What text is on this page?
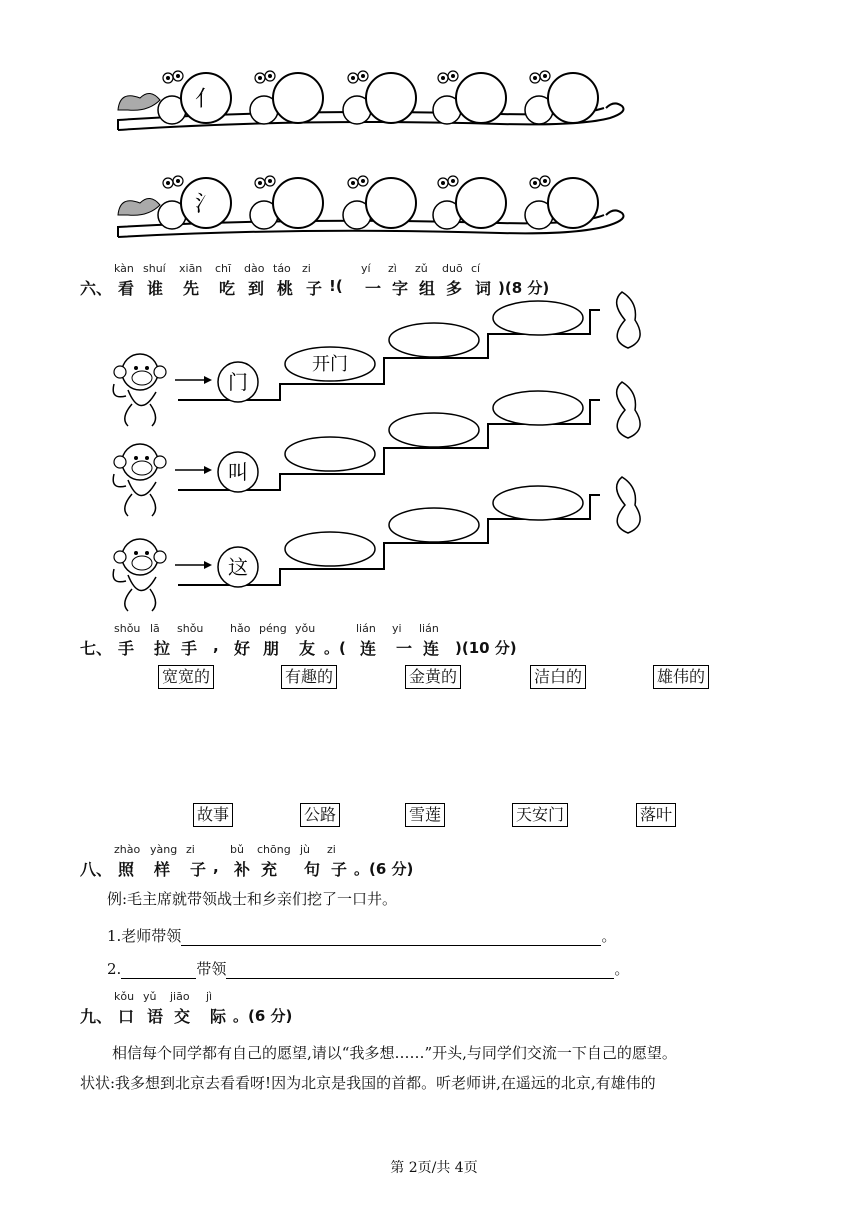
亻
氵
六、
kàn
看
shuí
谁
xiān
先
chī
吃
dào
到
táo
桃
zi
子 !(
yí
一
zì
字
zǔ
组
duō
多
cí
词 )(8 分)
门
开门
叫
这
七、
shǒu
手
lā
拉
shǒu
手 ,
hǎo
好
péng
朋
yǒu
友 。(
lián
连
yi
一
lián
连 )(10 分)
宽宽的	有趣的	金黄的	洁白的	雄伟的
故事	公路	雪莲	天安门	落叶
八、
zhào
照
yàng
样
zi
子 ,
bǔ
补
chōng
充
jù
句
zi
子 。(6 分)
例:毛主席就带领战士和乡亲们挖了一口井。
1.老师带领	。
2.	带领	。
九、
kǒu
口
yǔ
语
jiāo
交
jì
际 。(6 分)
相信每个同学都有自己的愿望,请以“我多想……”开头,与同学们交流一下自己的愿望。
状状:我多想到北京去看看呀!因为北京是我国的首都。听老师讲,在遥远的北京,有雄伟的
第 2页/共 4页
